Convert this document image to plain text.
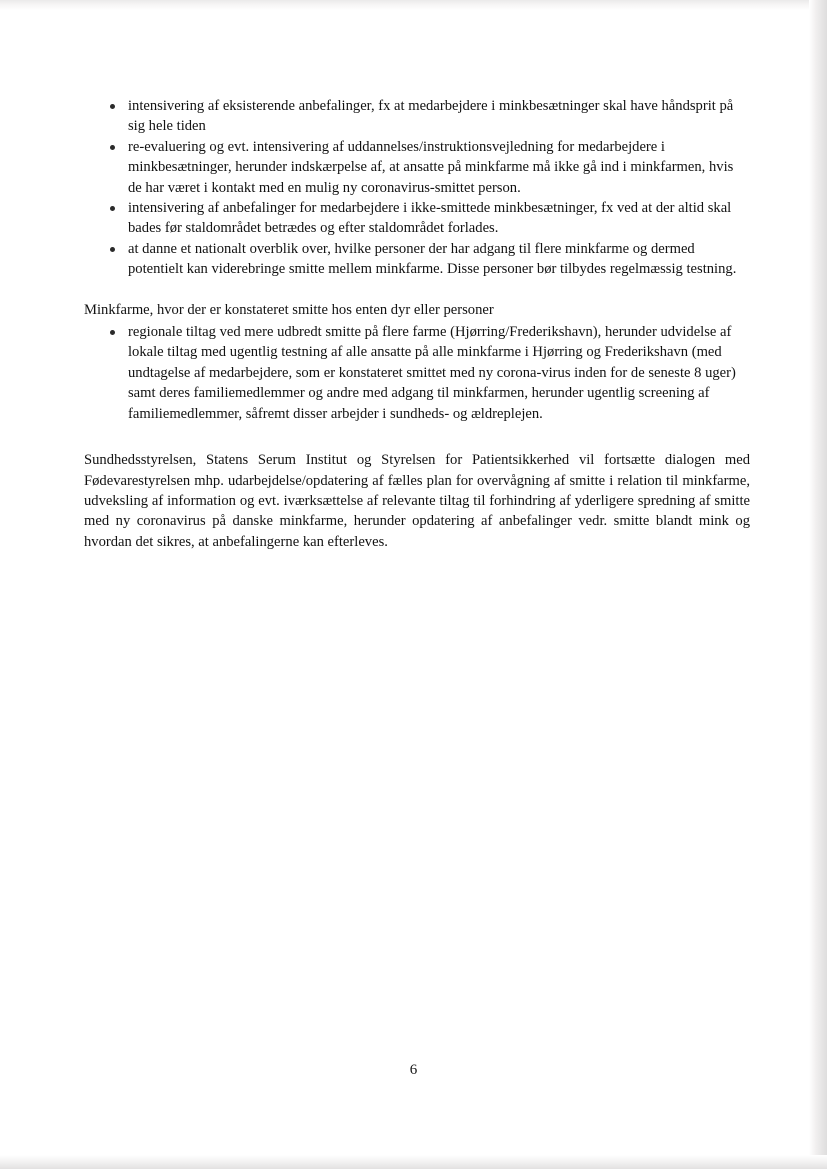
intensivering af eksisterende anbefalinger, fx at medarbejdere i minkbesætninger skal have håndsprit på sig hele tiden
re-evaluering og evt. intensivering af uddannelses/instruktionsvejledning for medarbejdere i minkbesætninger, herunder indskærpelse af, at ansatte på minkfarme må ikke gå ind i minkfarmen, hvis de har været i kontakt med en mulig ny coronavirus-smittet person.
intensivering af anbefalinger for medarbejdere i ikke-smittede minkbesætninger, fx ved at der altid skal bades før staldområdet betrædes og efter staldområdet forlades.
at danne et nationalt overblik over, hvilke personer der har adgang til flere minkfarme og dermed potentielt kan viderebringe smitte mellem minkfarme. Disse personer bør tilbydes regelmæssig testning.

Minkfarme, hvor der er konstateret smitte hos enten dyr eller personer

regionale tiltag ved mere udbredt smitte på flere farme (Hjørring/Frederikshavn), herunder udvidelse af lokale tiltag med ugentlig testning af alle ansatte på alle minkfarme i Hjørring og Frederikshavn (med undtagelse af medarbejdere, som er konstateret smittet med ny corona-virus inden for de seneste 8 uger) samt deres familiemedlemmer og andre med adgang til minkfarmen, herunder ugentlig screening af familiemedlemmer, såfremt disser arbejder i sundheds- og ældreplejen.

Sundhedsstyrelsen, Statens Serum Institut og Styrelsen for Patientsikkerhed vil fortsætte dialogen med Fødevarestyrelsen mhp. udarbejdelse/opdatering af fælles plan for overvågning af smitte i relation til minkfarme, udveksling af information og evt. iværksættelse af relevante tiltag til forhindring af yderligere spredning af smitte med ny coronavirus på danske minkfarme, herunder opdatering af anbefalinger vedr. smitte blandt mink og hvordan det sikres, at anbefalingerne kan efterleves.

6
